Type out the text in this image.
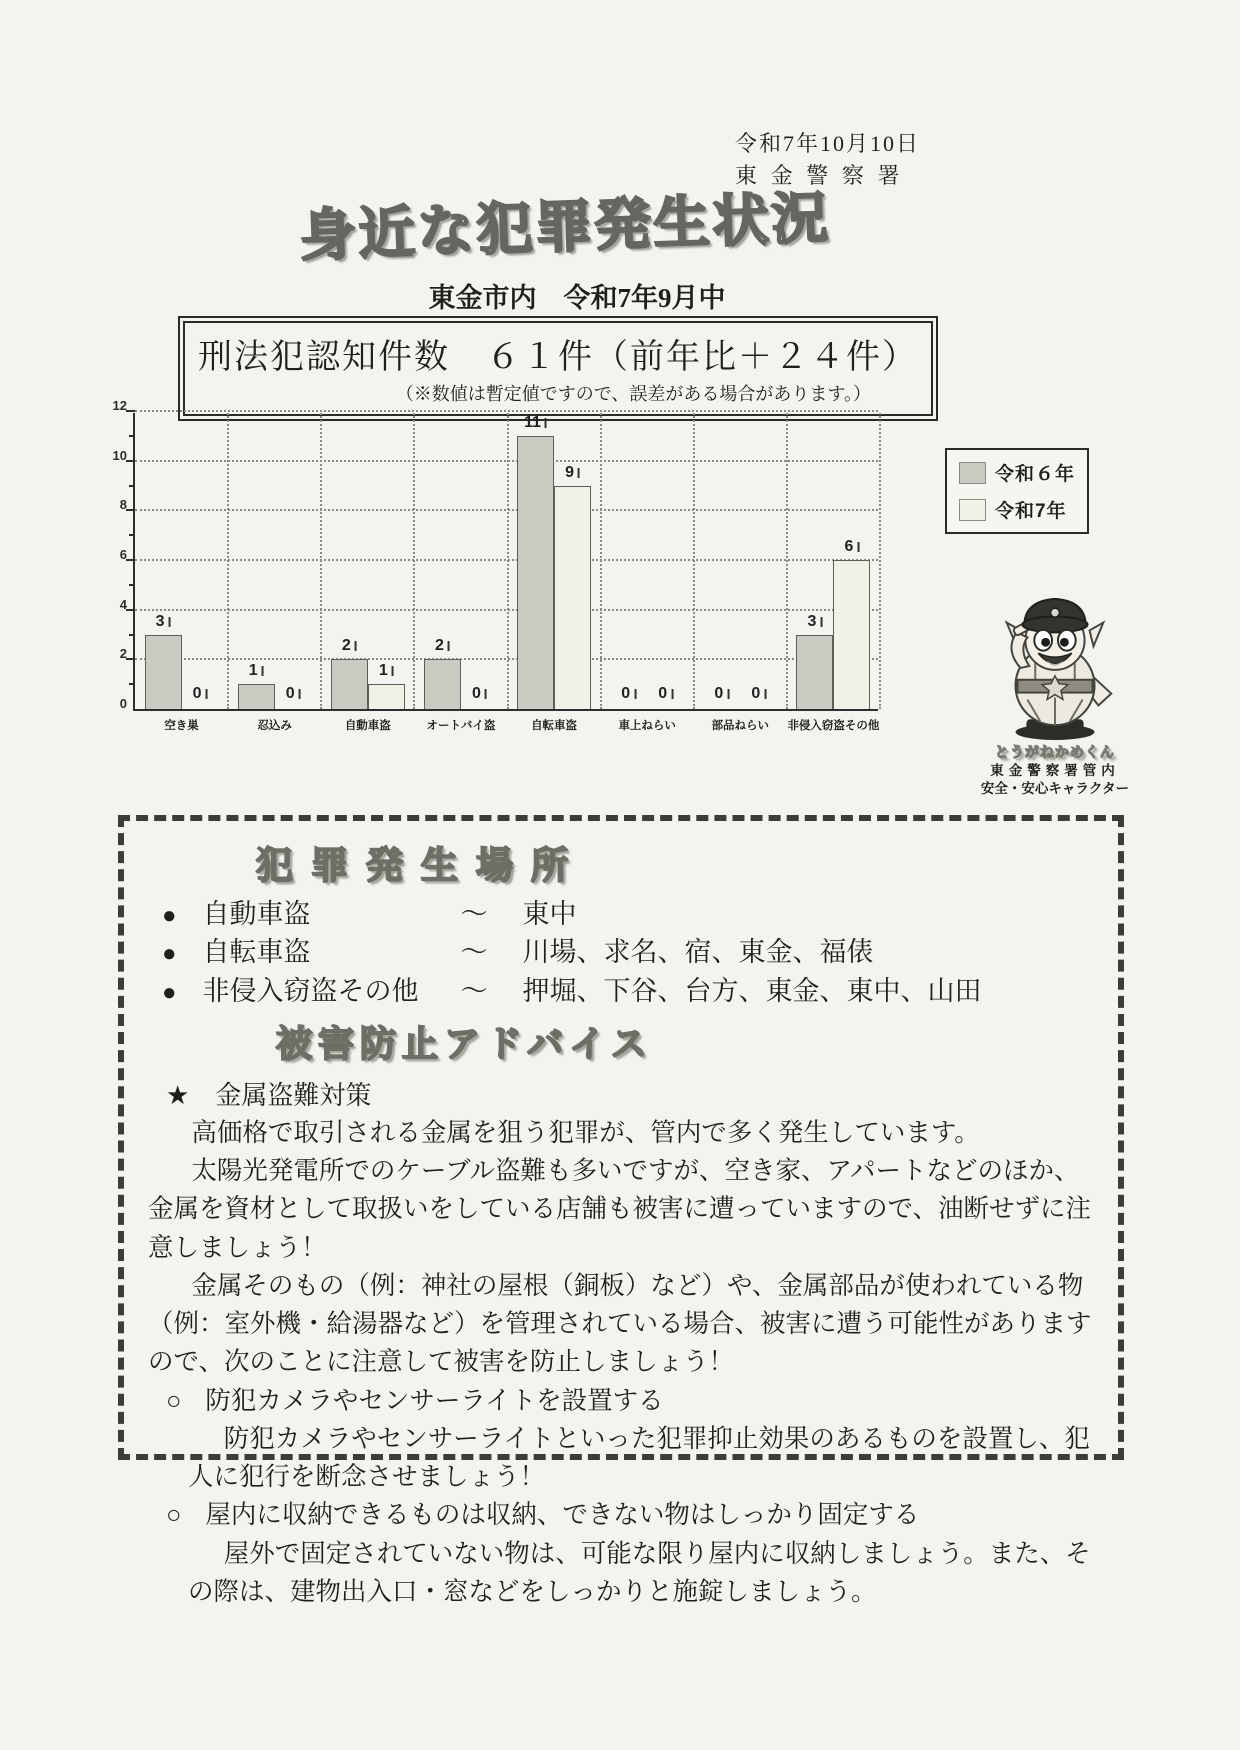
令和7年10月10日
東金警察署
身近な犯罪発生状況
東金市内　令和7年9月中
刑法犯認知件数　６１件（前年比＋２４件）
（※数値は暫定値ですので、誤差がある場合があります。）
0
2
4
6
8
10
12
3
0
空き巣
1
0
忍込み
2
1
自動車盗
2
0
オートバイ盗
11
9
自転車盗
0	0
車上ねらい
0	0
部品ねらい
3
6
非侵入窃盗その他
令和６年
令和7年
とうがねかめくん
東金警察署管内
安全・安心キャラクター
犯罪発生場所
● 自動車盗	～	東中
● 自転車盗	～	川場、求名、宿、東金、福俵
● 非侵入窃盗その他	～	押堀、下谷、台方、東金、東中、山田
被害防止アドバイス
★ 金属盗難対策

高価格で取引される金属を狙う犯罪が、管内で多く発生しています。

太陽光発電所でのケーブル盗難も多いですが、空き家、アパートなどのほか、金属を資材として取扱いをしている店舗も被害に遭っていますので、油断せずに注意しましょう！

金属そのもの（例：神社の屋根（銅板）など）や、金属部品が使われている物（例：室外機・給湯器など）を管理されている場合、被害に遭う可能性がありますので、次のことに注意して被害を防止しましょう！

○ 防犯カメラやセンサーライトを設置する

防犯カメラやセンサーライトといった犯罪抑止効果のあるものを設置し、犯人に犯行を断念させましょう！

○ 屋内に収納できるものは収納、できない物はしっかり固定する

屋外で固定されていない物は、可能な限り屋内に収納しましょう。また、その際は、建物出入口・窓などをしっかりと施錠しましょう。
